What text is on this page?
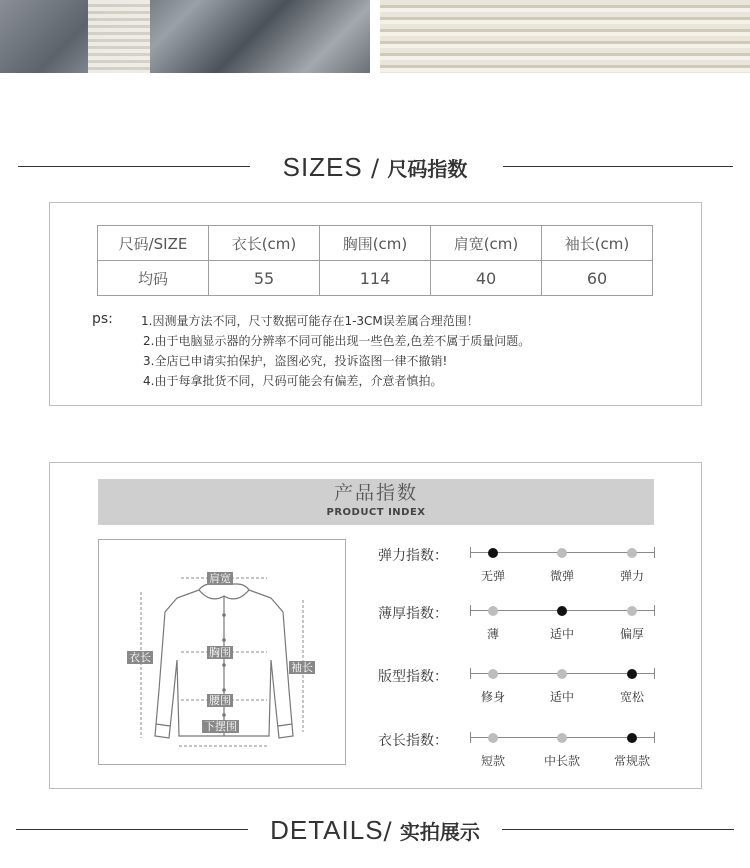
SIZES / 尺码指数
尺码/SIZE	衣长(cm)	胸围(cm)	肩宽(cm)	袖长(cm)
均码	55	114	40	60
ps: 1.因测量方法不同，尺寸数据可能存在1-3CM误差属合理范围！
2.由于电脑显示器的分辨率不同可能出现一些色差,色差不属于质量问题。
3.全店已申请实拍保护，盗图必究，投诉盗图一律不撤销!
4.由于每拿批货不同，尺码可能会有偏差，介意者慎拍。
产品指数
PRODUCT INDEX
肩宽
衣长	胸围
袖长
腰围
下摆围
弹力指数：
无弹	微弹	弹力
薄厚指数：
薄	适中	偏厚
版型指数：
修身	适中	宽松
衣长指数：
短款	中长款	常规款
DETAILS/ 实拍展示
